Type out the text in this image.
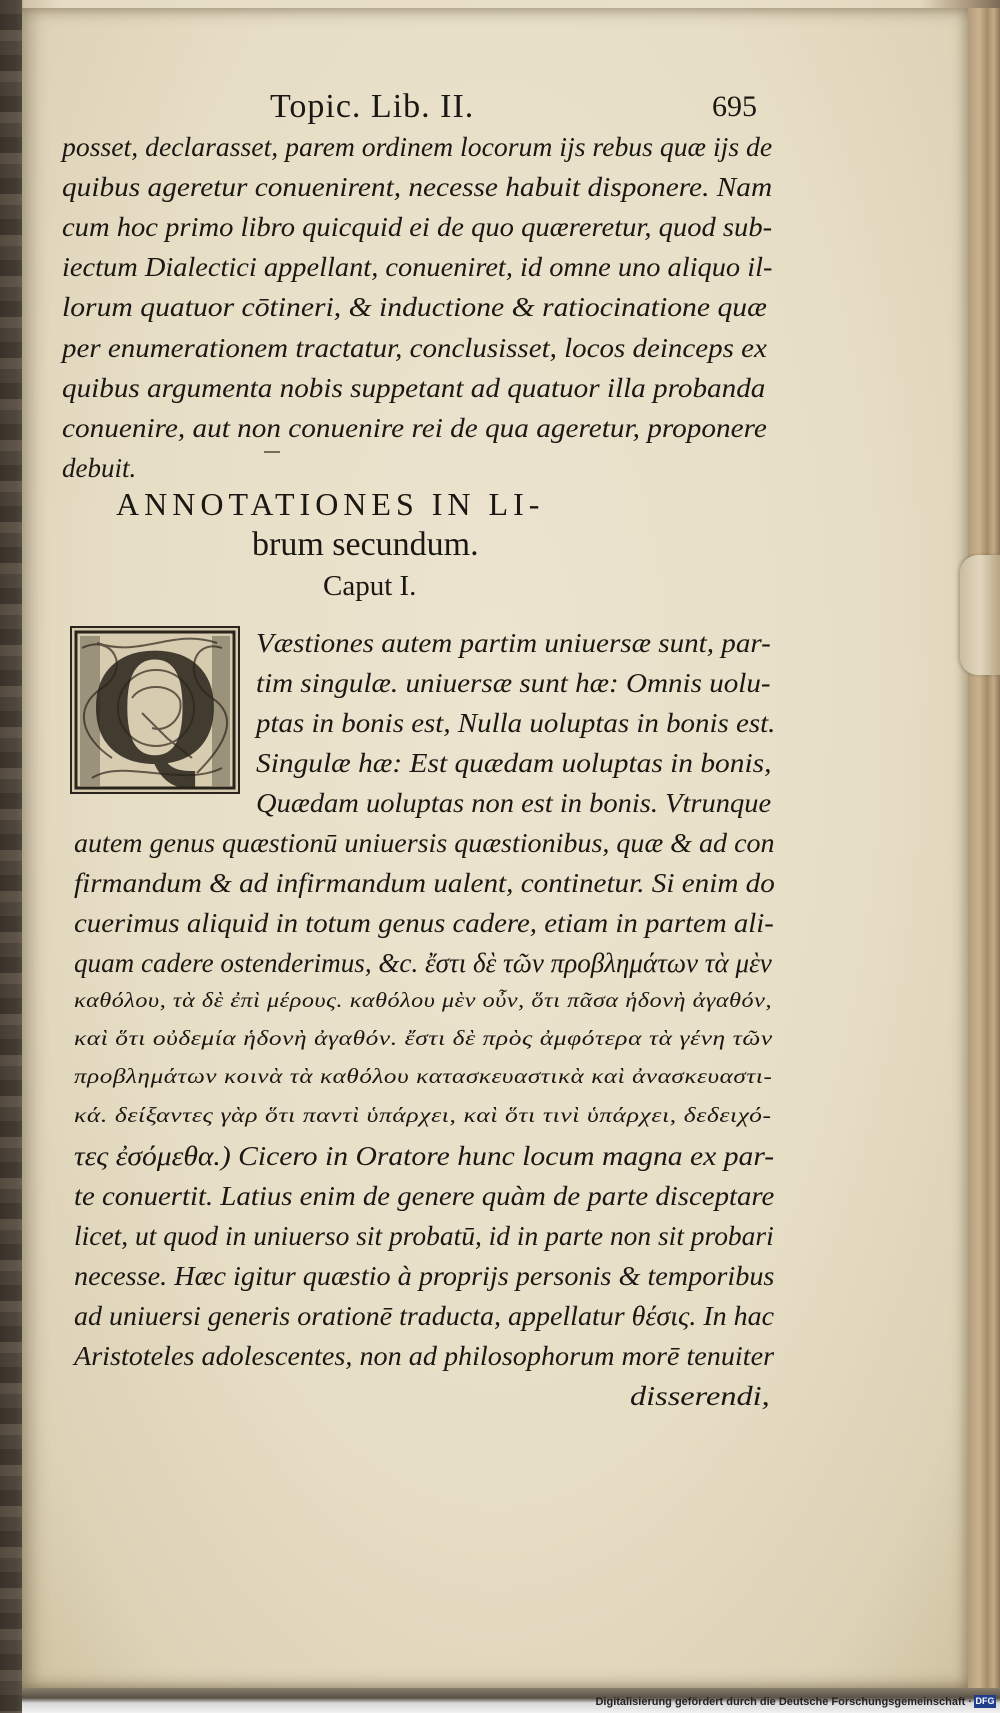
Topic. Lib. II.	695
posset, declarasset, parem ordinem locorum ijs rebus quæ ijs de
quibus ageretur conuenirent, necesse habuit disponere. Nam
cum hoc primo libro quicquid ei de quo quæreretur, quod sub-
iectum Dialectici appellant, conueniret, id omne uno aliquo il-
lorum quatuor cōtineri, & inductione & ratiocinatione quæ
per enumerationem tractatur, conclusisset, locos deinceps ex
quibus argumenta nobis suppetant ad quatuor illa probanda
conuenire, aut non conuenire rei de qua ageretur, proponere
debuit.
ANNOTATIONES IN LI-
brum secundum.
Caput I.
Q	Væstiones autem partim uniuersæ sunt, par-
tim singulæ. uniuersæ sunt hæ: Omnis uolu-
ptas in bonis est, Nulla uoluptas in bonis est.
Singulæ hæ: Est quædam uoluptas in bonis,
Quædam uoluptas non est in bonis. Vtrunque
autem genus quæstionū uniuersis quæstionibus, quæ & ad con
firmandum & ad infirmandum ualent, continetur. Si enim do
cuerimus aliquid in totum genus cadere, etiam in partem ali-
quam cadere ostenderimus, &c. ἔστι δὲ τῶν προβλημάτων τὰ μὲν
καθόλου, τὰ δὲ ἐπὶ μέρους. καθόλου μὲν οὖν, ὅτι πᾶσα ἡδονὴ ἀγαθόν,
καὶ ὅτι οὐδεμία ἡδονὴ ἀγαθόν. ἔστι δὲ πρὸς ἀμφότερα τὰ γένη τῶν
προβλημάτων κοινὰ τὰ καθόλου κατασκευαστικὰ καὶ ἀνασκευαστι-
κά. δείξαντες γὰρ ὅτι παντὶ ὑπάρχει, καὶ ὅτι τινὶ ὑπάρχει, δεδειχό-
τες ἐσόμεθα.) Cicero in Oratore hunc locum magna ex par-
te conuertit. Latius enim de genere quàm de parte disceptare
licet, ut quod in uniuerso sit probatū, id in parte non sit probari
necesse. Hæc igitur quæstio à proprijs personis & temporibus
ad uniuersi generis orationē traducta, appellatur θέσις. In hac
Aristoteles adolescentes, non ad philosophorum morē tenuiter
disserendi,
Digitalisierung gefördert durch die Deutsche Forschungsgemeinschaft · DFG
